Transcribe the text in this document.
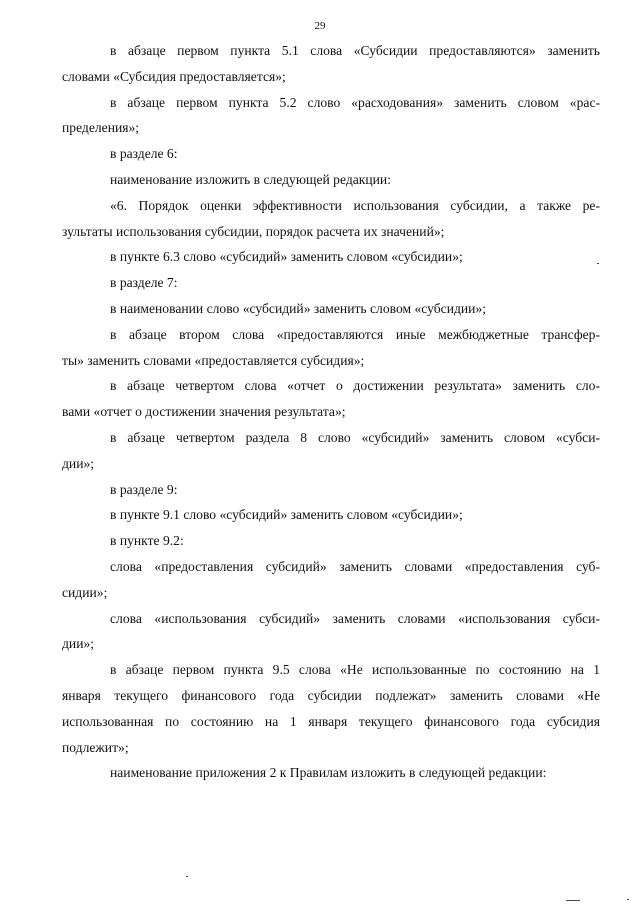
29
в абзаце первом пункта 5.1 слова «Субсидии предоставляются» заменить
словами «Субсидия предоставляется»;
в абзаце первом пункта 5.2 слово «расходования» заменить словом «рас-
пределения»;
в разделе 6:
наименование изложить в следующей редакции:
«6. Порядок оценки эффективности использования субсидии, а также ре-
зультаты использования субсидии, порядок расчета их значений»;
в пункте 6.3 слово «субсидий» заменить словом «субсидии»;
в разделе 7:
в наименовании слово «субсидий» заменить словом «субсидии»;
в абзаце втором слова «предоставляются иные межбюджетные трансфер-
ты» заменить словами «предоставляется субсидия»;
в абзаце четвертом слова «отчет о достижении результата» заменить сло-
вами «отчет о достижении значения результата»;
в абзаце четвертом раздела 8 слово «субсидий» заменить словом «субси-
дии»;
в разделе 9:
в пункте 9.1 слово «субсидий» заменить словом «субсидии»;
в пункте 9.2:
слова «предоставления субсидий» заменить словами «предоставления суб-
сидии»;
слова «использования субсидий» заменить словами «использования субси-
дии»;
в абзаце первом пункта 9.5 слова «Не использованные по состоянию на 1
января текущего финансового года субсидии подлежат» заменить словами «Не
использованная по состоянию на 1 января текущего финансового года субсидия
подлежит»;
наименование приложения 2 к Правилам изложить в следующей редакции:
